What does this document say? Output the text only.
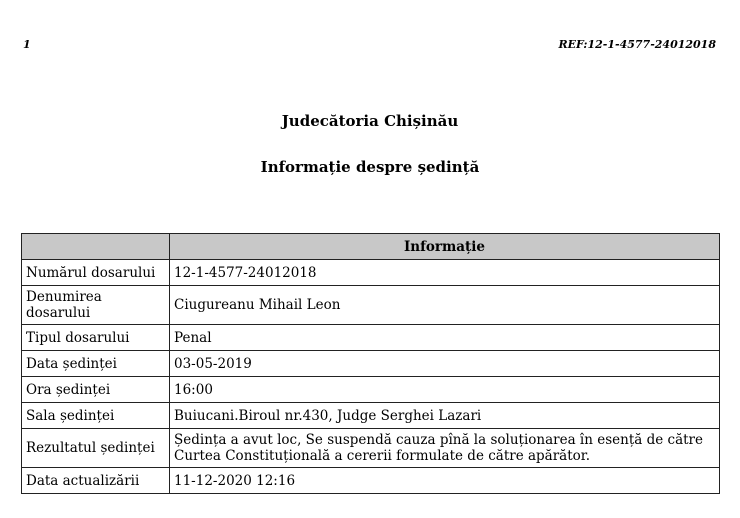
1	REF:12-1-4577-24012018
Judecătoria Chișinău
Informație despre ședință
	Informație
Numărul dosarului	12-1-4577-24012018
Denumirea dosarului	Ciugureanu Mihail Leon
Tipul dosarului	Penal
Data ședinței	03-05-2019
Ora ședinței	16:00
Sala ședinței	Buiucani.Biroul nr.430, Judge Serghei Lazari
Rezultatul ședinței	Ședința a avut loc, Se suspendă cauza pînă la soluționarea în esență de către Curtea Constituțională a cererii formulate de către apărător.
Data actualizării	11-12-2020 12:16
